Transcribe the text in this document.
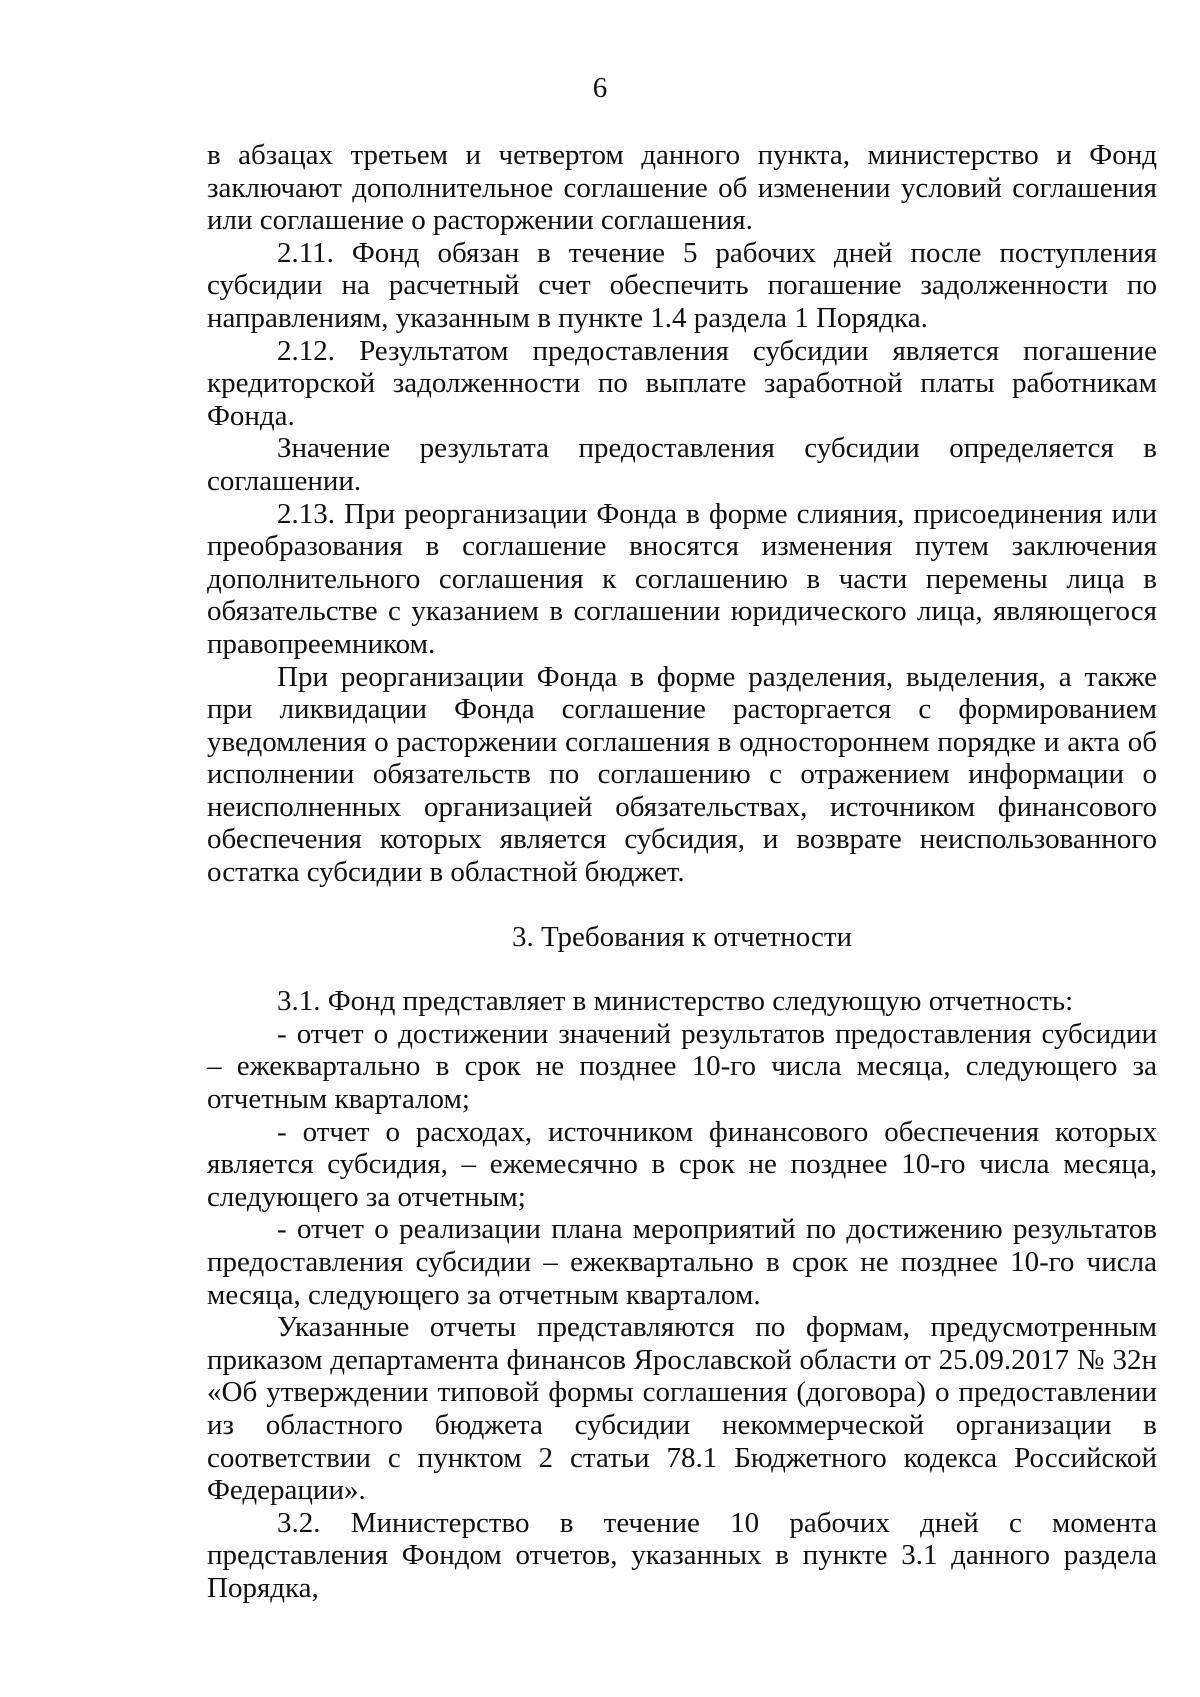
6

в абзацах третьем и четвертом данного пункта, министерство и Фонд заключают дополнительное соглашение об изменении условий соглашения или соглашение о расторжении соглашения.

2.11. Фонд обязан в течение 5 рабочих дней после поступления субсидии на расчетный счет обеспечить погашение задолженности по направлениям, указанным в пункте 1.4 раздела 1 Порядка.

2.12. Результатом предоставления субсидии является погашение кредиторской задолженности по выплате заработной платы работникам Фонда.

Значение результата предоставления субсидии определяется в соглашении.

2.13. При реорганизации Фонда в форме слияния, присоединения или преобразования в соглашение вносятся изменения путем заключения дополнительного соглашения к соглашению в части перемены лица в обязательстве с указанием в соглашении юридического лица, являющегося правопреемником.

При реорганизации Фонда в форме разделения, выделения, а также при ликвидации Фонда соглашение расторгается с формированием уведомления о расторжении соглашения в одностороннем порядке и акта об исполнении обязательств по соглашению с отражением информации о неисполненных организацией обязательствах, источником финансового обеспечения которых является субсидия, и возврате неиспользованного остатка субсидии в областной бюджет.

3. Требования к отчетности

3.1. Фонд представляет в министерство следующую отчетность:

- отчет о достижении значений результатов предоставления субсидии – ежеквартально в срок не позднее 10-го числа месяца, следующего за отчетным кварталом;

- отчет о расходах, источником финансового обеспечения которых является субсидия, – ежемесячно в срок не позднее 10-го числа месяца, следующего за отчетным;

- отчет о реализации плана мероприятий по достижению результатов предоставления субсидии – ежеквартально в срок не позднее 10-го числа месяца, следующего за отчетным кварталом.

Указанные отчеты представляются по формам, предусмотренным приказом департамента финансов Ярославской области от 25.09.2017 № 32н «Об утверждении типовой формы соглашения (договора) о предоставлении из областного бюджета субсидии некоммерческой организации в соответствии с пунктом 2 статьи 78.1 Бюджетного кодекса Российской Федерации».

3.2. Министерство в течение 10 рабочих дней с момента представления Фондом отчетов, указанных в пункте 3.1 данного раздела Порядка,
